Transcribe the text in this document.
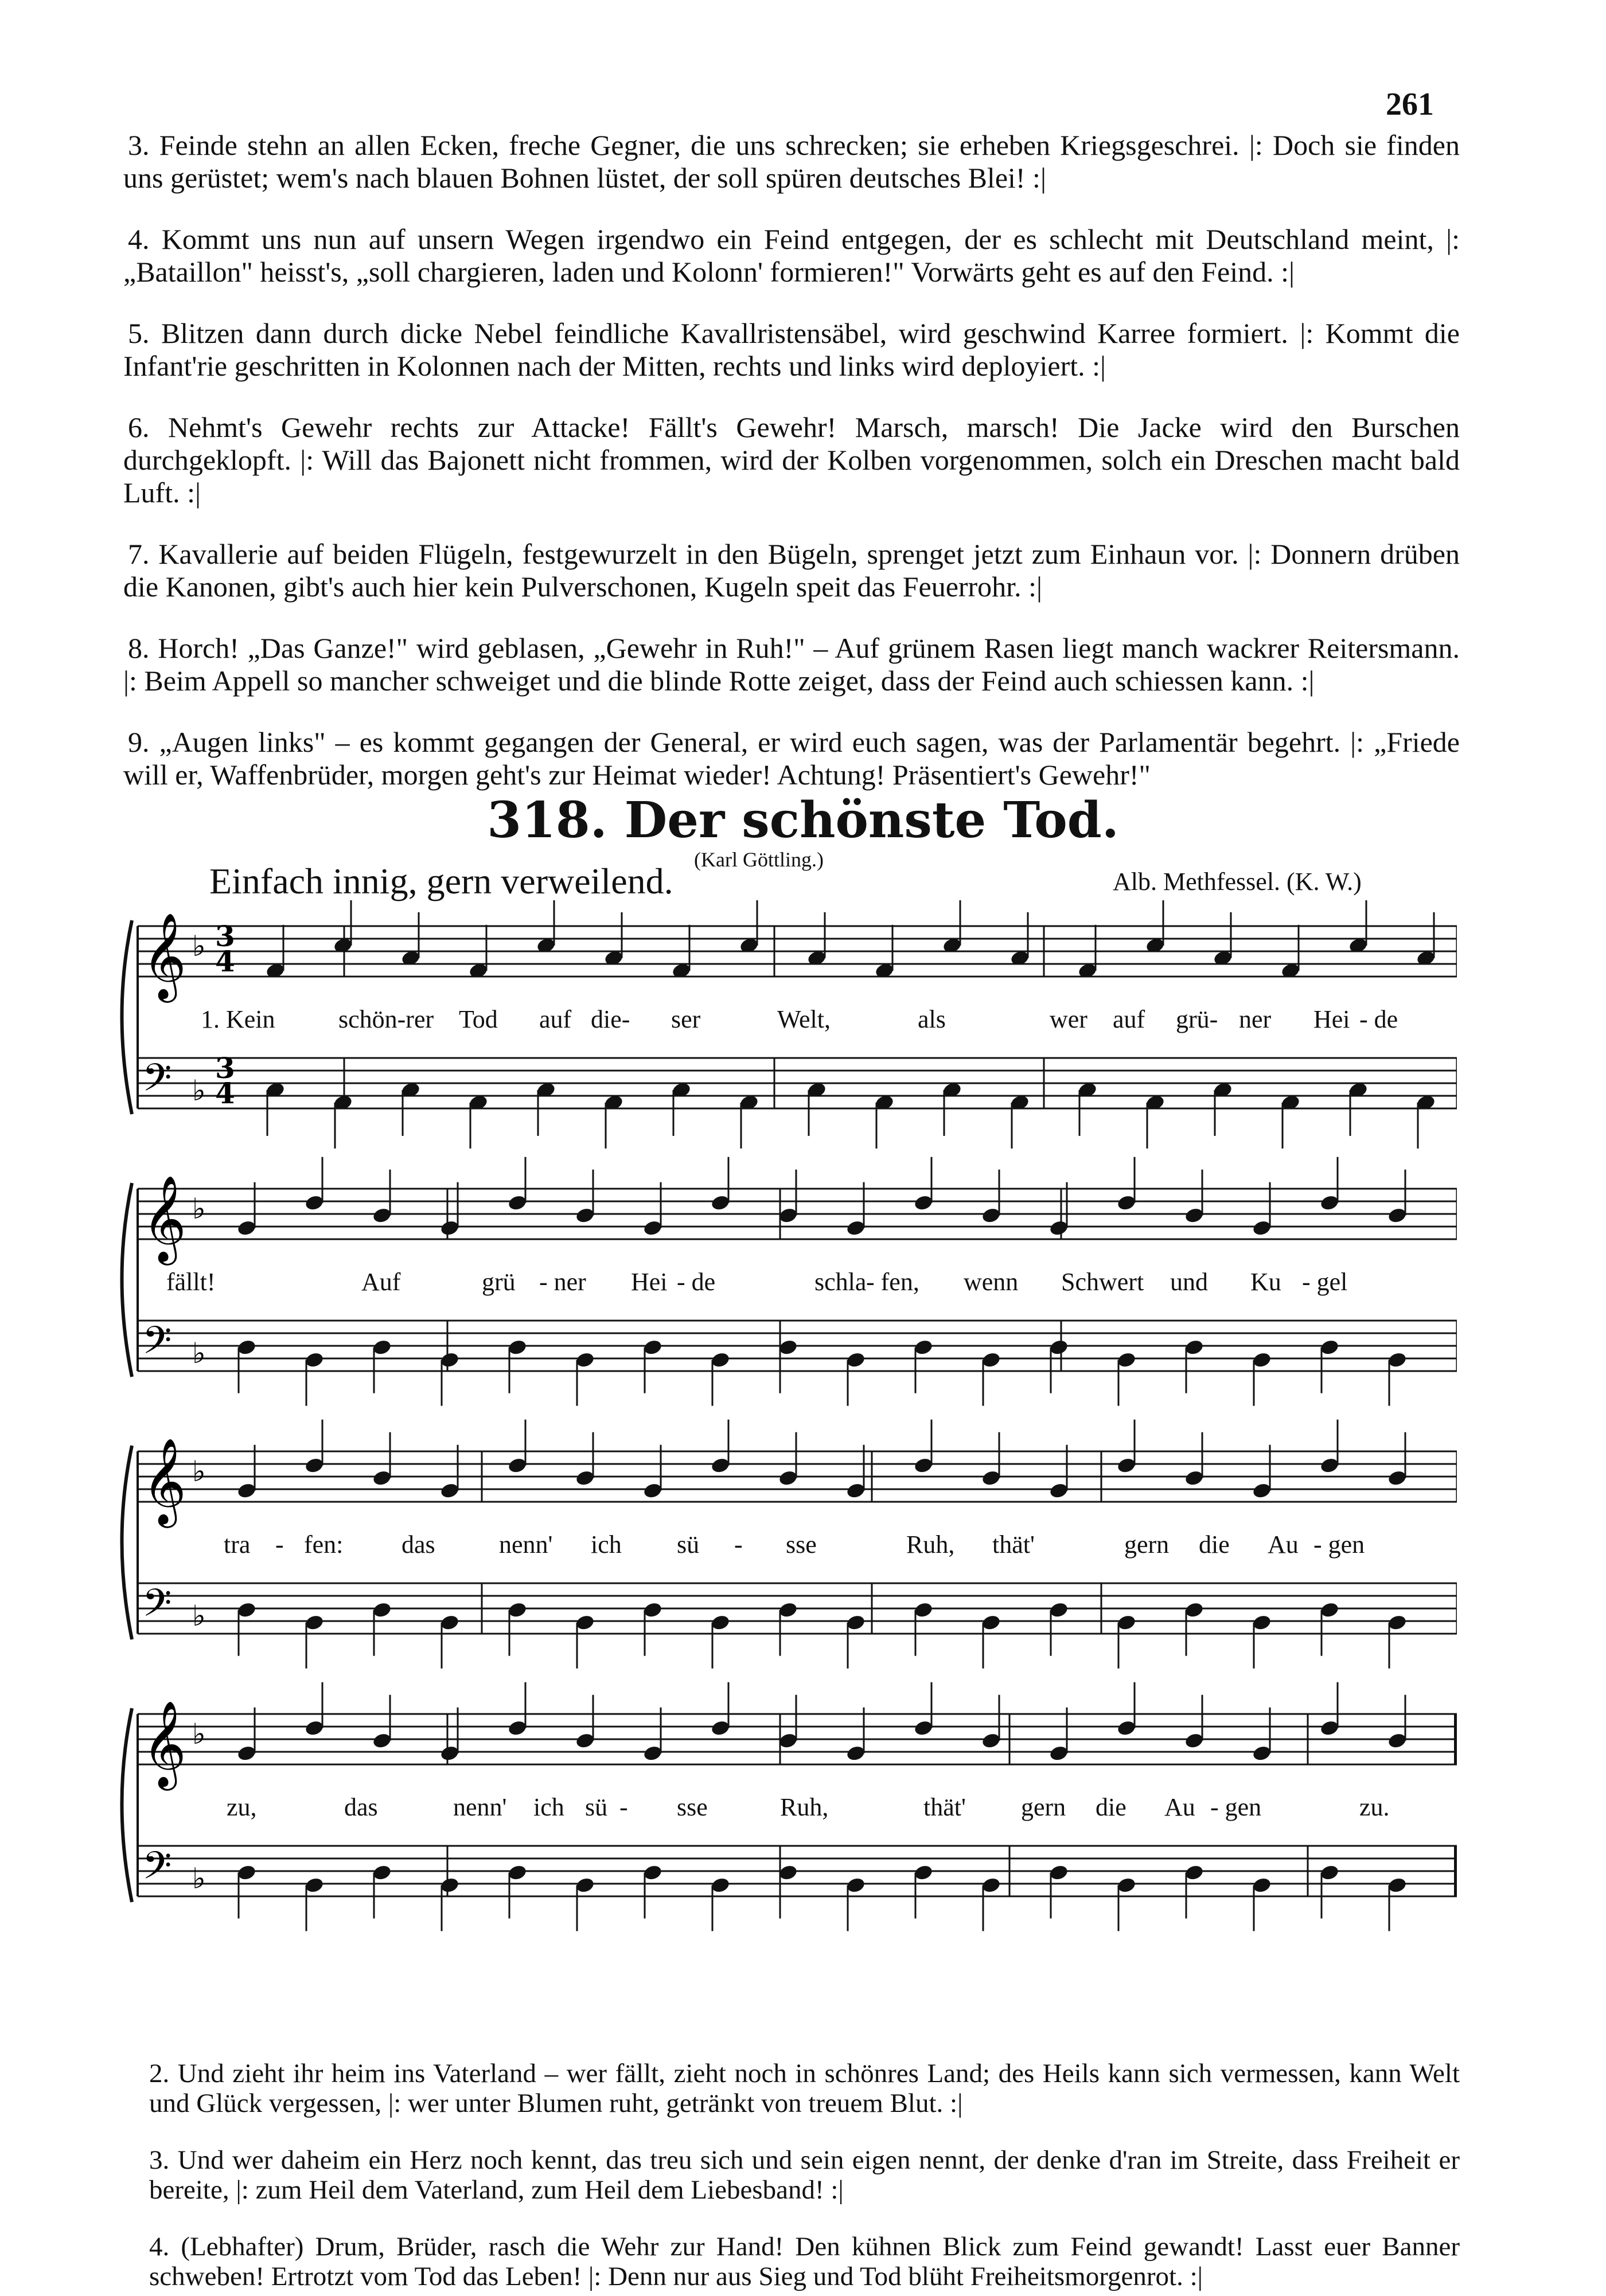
261

3. Feinde stehn an allen Ecken, freche Gegner, die uns schrecken; sie erheben Kriegsgeschrei. |: Doch sie finden uns gerüstet; wem's nach blauen Bohnen lüstet, der soll spüren deutsches Blei! :|

4. Kommt uns nun auf unsern Wegen irgendwo ein Feind entgegen, der es schlecht mit Deutschland meint, |: „Bataillon" heisst's, „soll chargieren, laden und Kolonn' formieren!" Vorwärts geht es auf den Feind. :|

5. Blitzen dann durch dicke Nebel feindliche Kavallristensäbel, wird geschwind Karree formiert. |: Kommt die Infant'rie geschritten in Kolonnen nach der Mitten, rechts und links wird deployiert. :|

6. Nehmt's Gewehr rechts zur Attacke! Fällt's Gewehr! Marsch, marsch! Die Jacke wird den Burschen durchgeklopft. |: Will das Bajonett nicht frommen, wird der Kolben vorgenommen, solch ein Dreschen macht bald Luft. :|

7. Kavallerie auf beiden Flügeln, festgewurzelt in den Bügeln, sprenget jetzt zum Einhaun vor. |: Donnern drüben die Kanonen, gibt's auch hier kein Pulverschonen, Kugeln speit das Feuerrohr. :|

8. Horch! „Das Ganze!" wird geblasen, „Gewehr in Ruh!" – Auf grünem Rasen liegt manch wackrer Reitersmann. |: Beim Appell so mancher schweiget und die blinde Rotte zeiget, dass der Feind auch schiessen kann. :|

9. „Augen links" – es kommt gegangen der General, er wird euch sagen, was der Parlamentär begehrt. |: „Friede will er, Waffenbrüder, morgen geht's zur Heimat wieder! Achtung! Präsentiert's Gewehr!"

318. Der schönste Tod.
Einfach innig, gern verweilend.
(Karl Göttling.)
Alb. Methfessel. (K. W.)
𝄞 ♭ 3
4
𝄢 ♭
3
4
𝄞 ♭
𝄢 ♭
𝄞 ♭
𝄢 ♭
𝄞 ♭
𝄢 ♭
1. Kein	schön-rer Tod auf die- ser	Welt,	als	wer auf grü- ner Hei - de
fällt!	Auf	grü - ner Hei - de	schla - fen, wenn Schwert und Ku - gel
tra - fen: das	nenn' ich sü - sse	Ruh, thät'	gern die Au - gen
zu,	das	nenn' ich sü - sse	Ruh,	thät' gern die Au - gen	zu.

2. Und zieht ihr heim ins Vaterland – wer fällt, zieht noch in schönres Land; des Heils kann sich vermessen, kann Welt und Glück vergessen, |: wer unter Blumen ruht, getränkt von treuem Blut. :|

3. Und wer daheim ein Herz noch kennt, das treu sich und sein eigen nennt, der denke d'ran im Streite, dass Freiheit er bereite, |: zum Heil dem Vaterland, zum Heil dem Liebesband! :|

4. (Lebhafter) Drum, Brüder, rasch die Wehr zur Hand! Den kühnen Blick zum Feind gewandt! Lasst euer Banner schweben! Ertrotzt vom Tod das Leben! |: Denn nur aus Sieg und Tod blüht Freiheitsmorgenrot. :|
